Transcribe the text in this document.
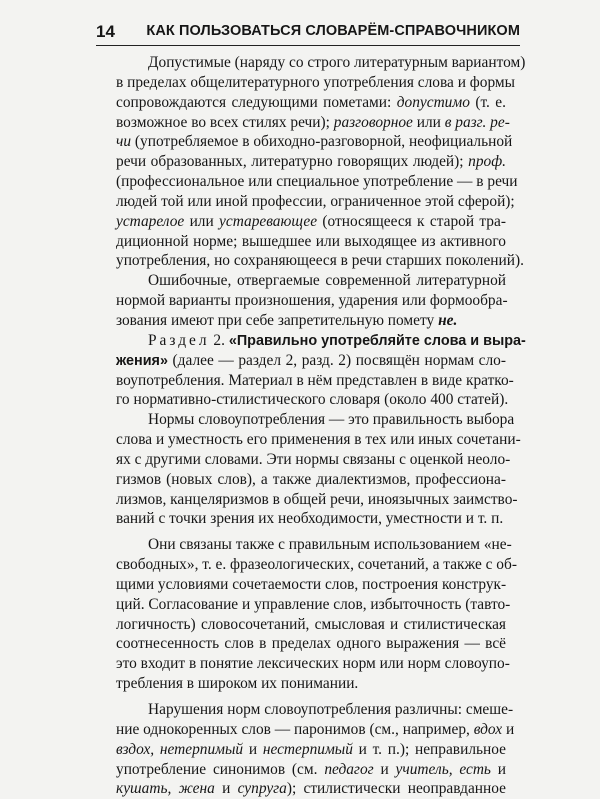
14 КАК ПОЛЬЗОВАТЬСЯ СЛОВАРЁМ-СПРАВОЧНИКОМ
Допустимые (наряду со строго литературным вариантом)
в пределах общелитературного употребления слова и формы
сопровождаются следующими пометами: допустимо (т. е.
возможное во всех стилях речи); разговорное или в разг. ре-
чи (употребляемое в обиходно-разговорной, неофициальной
речи образованных, литературно говорящих людей); проф.
(профессиональное или специальное употребление — в речи
людей той или иной профессии, ограниченное этой сферой);
устарелое или устаревающее (относящееся к старой тра-
диционной норме; вышедшее или выходящее из активного
употребления, но сохраняющееся в речи старших поколений).
Ошибочные, отвергаемые современной литературной
нормой варианты произношения, ударения или формообра-
зования имеют при себе запретительную помету не.
Раздел 2. «Правильно употребляйте слова и выра-
жения» (далее — раздел 2, разд. 2) посвящён нормам сло-
воупотребления. Материал в нём представлен в виде кратко-
го нормативно-стилистического словаря (около 400 статей).
Нормы словоупотребления — это правильность выбора
слова и уместность его применения в тех или иных сочетани-
ях с другими словами. Эти нормы связаны с оценкой неоло-
гизмов (новых слов), а также диалектизмов, профессиона-
лизмов, канцеляризмов в общей речи, иноязычных заимство-
ваний с точки зрения их необходимости, уместности и т. п.
Они связаны также с правильным использованием «не-
свободных», т. е. фразеологических, сочетаний, а также с об-
щими условиями сочетаемости слов, построения конструк-
ций. Согласование и управление слов, избыточность (тавто-
логичность) словосочетаний, смысловая и стилистическая
соотнесенность слов в пределах одного выражения — всё
это входит в понятие лексических норм или норм словоупо-
требления в широком их понимании.
Нарушения норм словоупотребления различны: смеше-
ние однокоренных слов — паронимов (см., например, вдох и
вздох, нетерпимый и нестерпимый и т. п.); неправильное
употребление синонимов (см. педагог и учитель, есть и
кушать, жена и супруга); стилистически неоправданное
